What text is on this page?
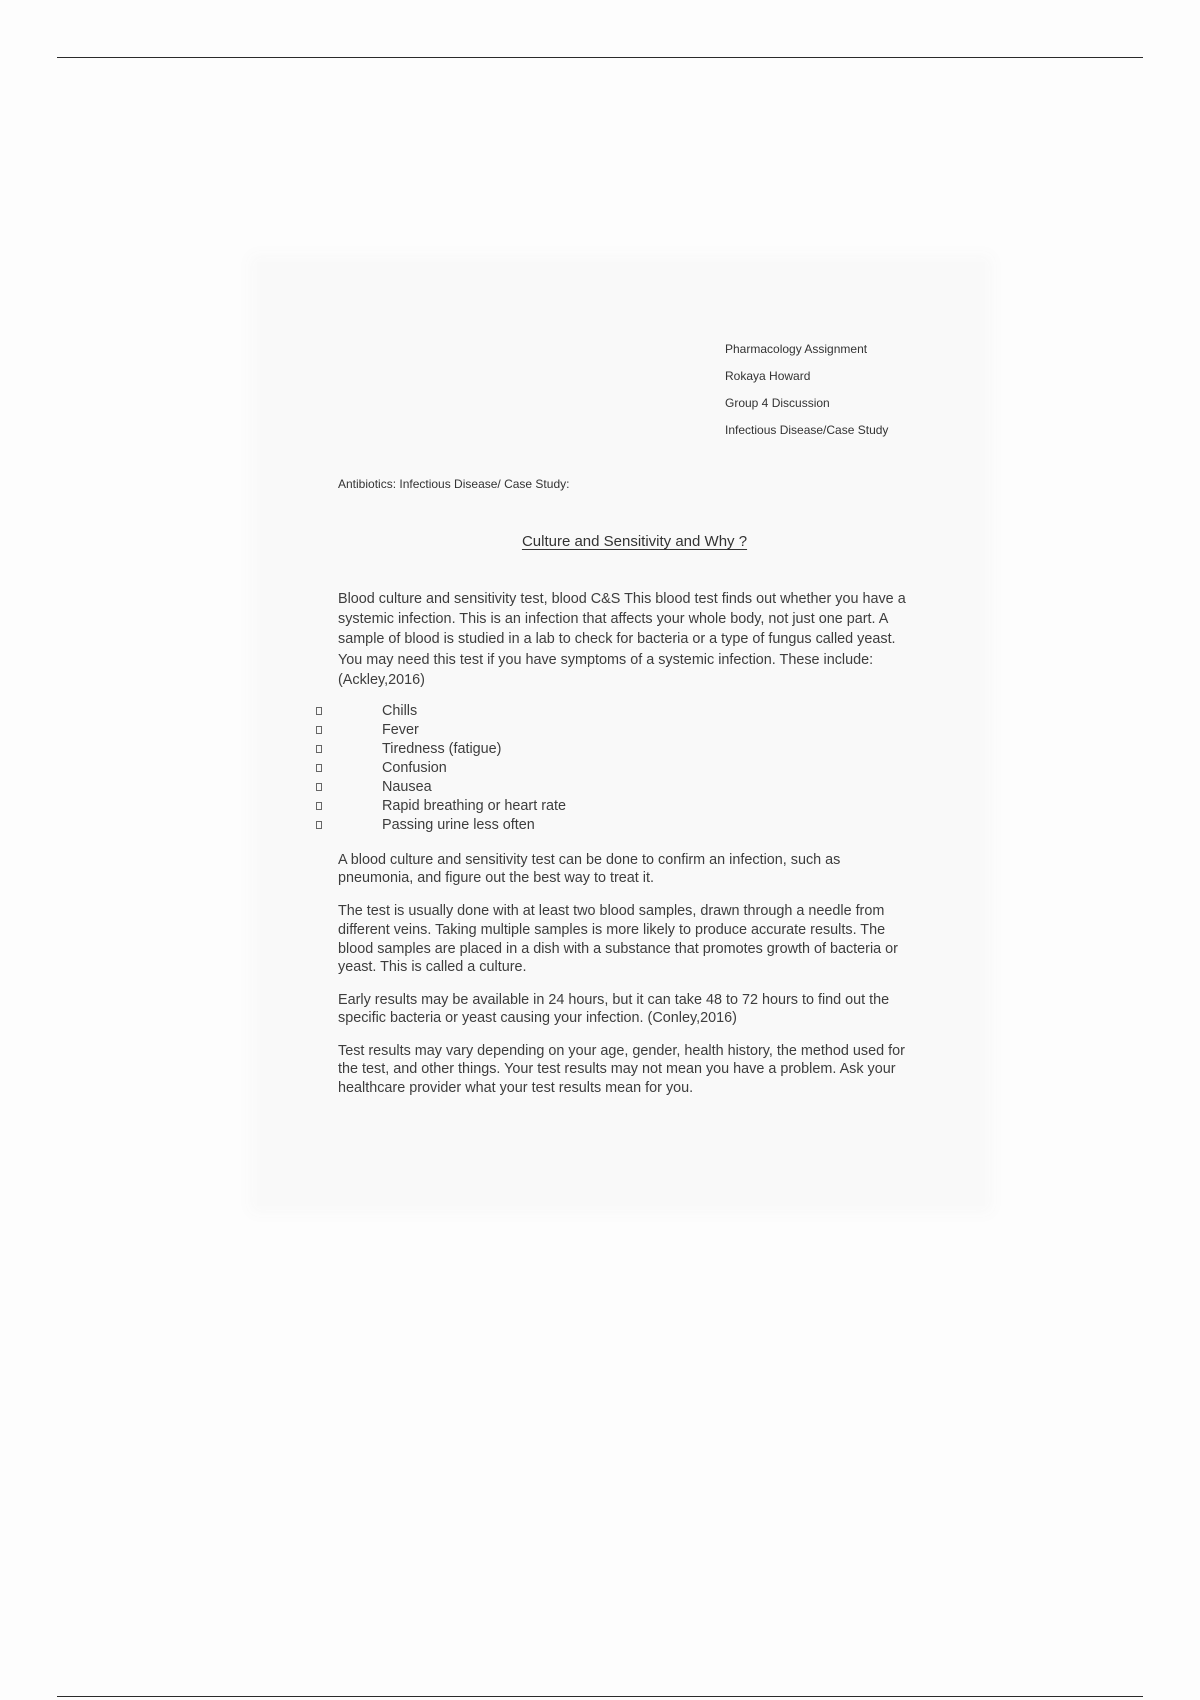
Pharmacology Assignment
Rokaya Howard
Group 4 Discussion
Infectious Disease/Case Study
Antibiotics: Infectious Disease/ Case Study:
Culture and Sensitivity and Why ?

Blood culture and sensitivity test, blood C&S This blood test finds out whether you have a systemic infection. This is an infection that affects your whole body, not just one part. A sample of blood is studied in a lab to check for bacteria or a type of fungus called yeast. You may need this test if you have symptoms of a systemic infection. These include: (Ackley,2016)

Chills
Fever
Tiredness (fatigue)
Confusion
Nausea
Rapid breathing or heart rate
Passing urine less often

A blood culture and sensitivity test can be done to confirm an infection, such as pneumonia, and figure out the best way to treat it.

The test is usually done with at least two blood samples, drawn through a needle from different veins. Taking multiple samples is more likely to produce accurate results. The blood samples are placed in a dish with a substance that promotes growth of bacteria or yeast. This is called a culture.

Early results may be available in 24 hours, but it can take 48 to 72 hours to find out the specific bacteria or yeast causing your infection. (Conley,2016)

Test results may vary depending on your age, gender, health history, the method used for the test, and other things. Your test results may not mean you have a problem. Ask your healthcare provider what your test results mean for you.
